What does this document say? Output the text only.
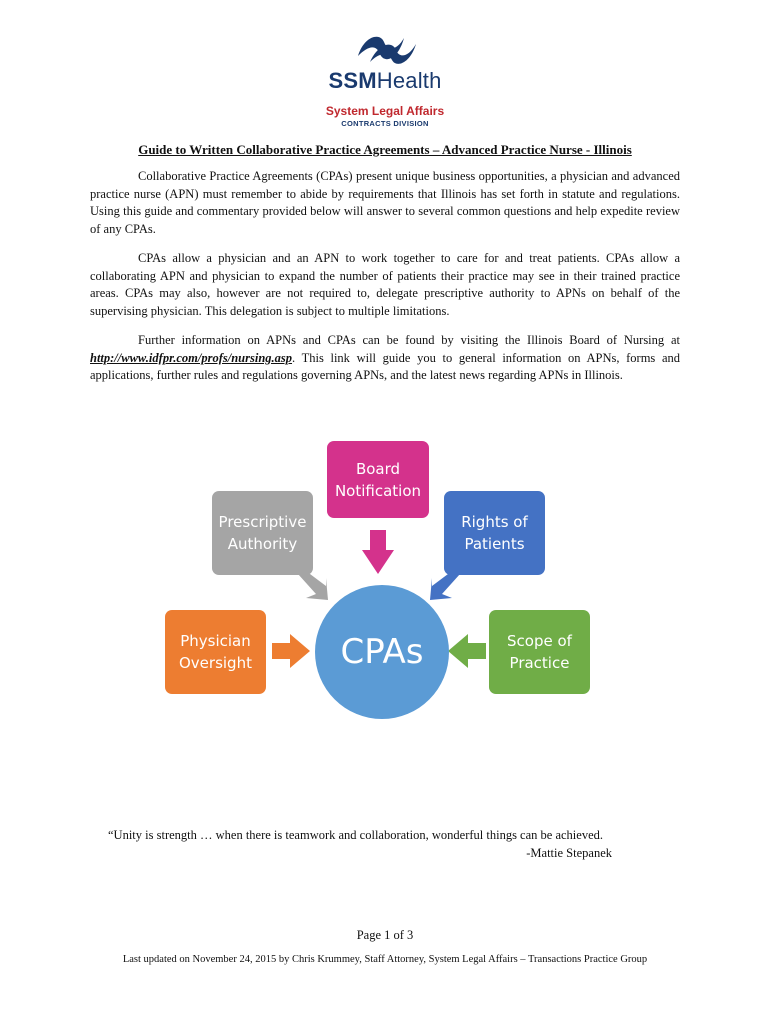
SSMHealth
System Legal Affairs
CONTRACTS DIVISION
Guide to Written Collaborative Practice Agreements – Advanced Practice Nurse - Illinois

Collaborative Practice Agreements (CPAs) present unique business opportunities, a physician and advanced practice nurse (APN) must remember to abide by requirements that Illinois has set forth in statute and regulations. Using this guide and commentary provided below will answer to several common questions and help expedite review of any CPAs.

CPAs allow a physician and an APN to work together to care for and treat patients. CPAs allow a collaborating APN and physician to expand the number of patients their practice may see in their trained practice areas. CPAs may also, however are not required to, delegate prescriptive authority to APNs on behalf of the supervising physician. This delegation is subject to multiple limitations.

Further information on APNs and CPAs can be found by visiting the Illinois Board of Nursing at http://www.idfpr.com/profs/nursing.asp. This link will guide you to general information on APNs, forms and applications, further rules and regulations governing APNs, and the latest news regarding APNs in Illinois.

Board
Notification
Prescriptive
Authority
Rights of
Patients
Physician
Oversight
Scope of
Practice
CPAs
“Unity is strength … when there is teamwork and collaboration, wonderful things can be achieved.
-Mattie Stepanek
Page 1 of 3
Last updated on November 24, 2015 by Chris Krummey, Staff Attorney, System Legal Affairs – Transactions Practice Group
